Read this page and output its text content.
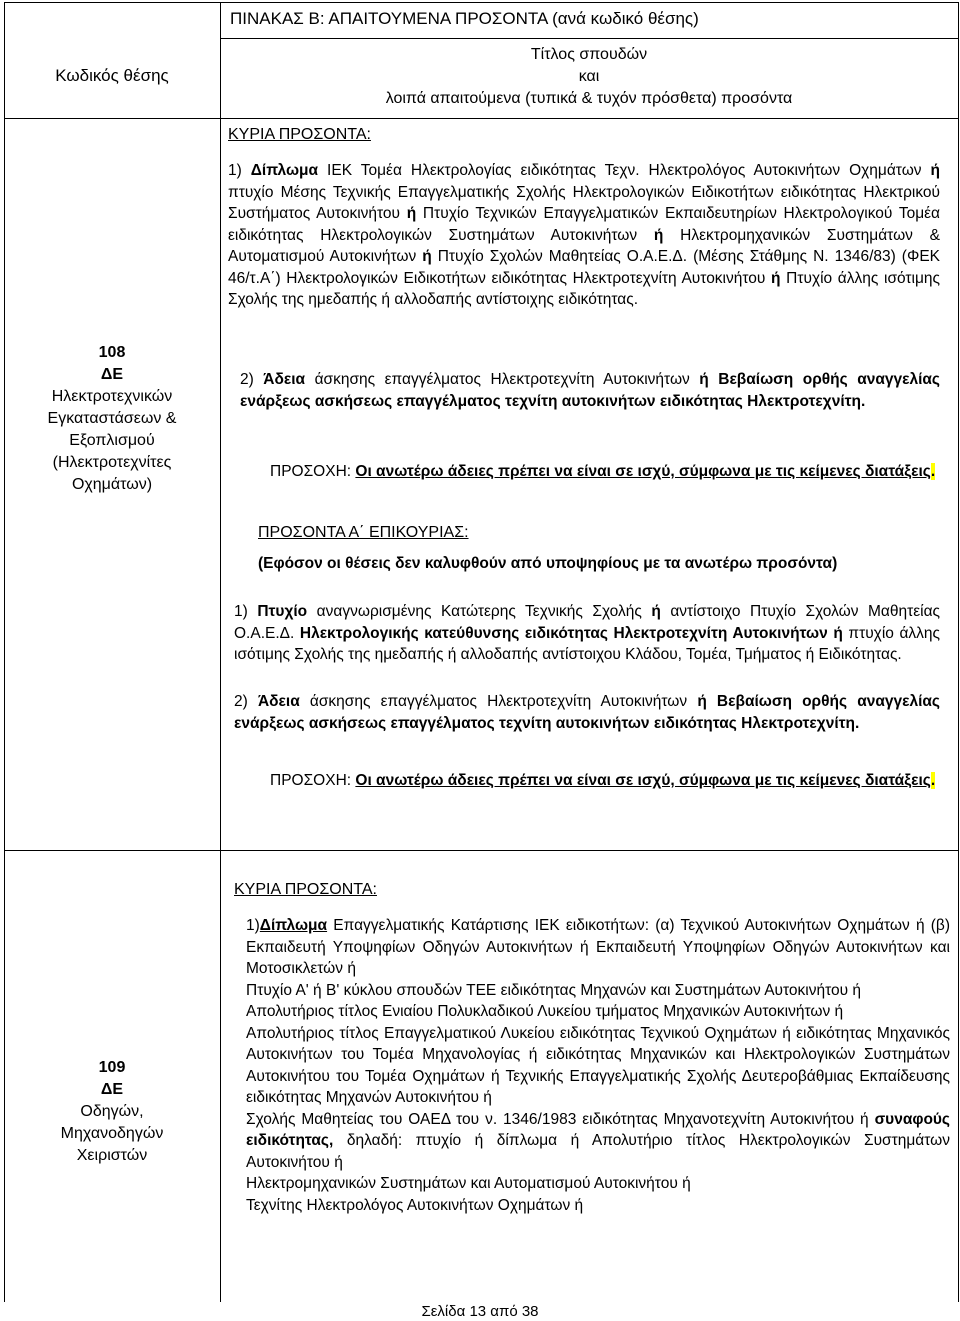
ΠΙΝΑΚΑΣ Β: ΑΠΑΙΤΟΥΜΕΝΑ ΠΡΟΣΟΝΤΑ (ανά κωδικό θέσης)
Κωδικός θέσης
Τίτλος σπουδών
και
λοιπά απαιτούμενα (τυπικά & τυχόν πρόσθετα) προσόντα
108
ΔΕ
Ηλεκτροτεχνικών
Εγκαταστάσεων &
Εξοπλισμού
(Ηλεκτροτεχνίτες
Οχημάτων)
ΚΥΡΙΑ ΠΡΟΣΟΝΤΑ:

1) Δίπλωμα ΙΕΚ Τομέα Ηλεκτρολογίας ειδικότητας Τεχν. Ηλεκτρολόγος Αυτοκινήτων Οχημάτων ή πτυχίο Μέσης Τεχνικής Επαγγελματικής Σχολής Ηλεκτρολογικών Ειδικοτήτων ειδικότητας Ηλεκτρικού Συστήματος Αυτοκινήτου ή Πτυχίο Τεχνικών Επαγγελματικών Εκπαιδευτηρίων Ηλεκτρολογικού Τομέα ειδικότητας Ηλεκτρολογικών Συστημάτων Αυτοκινήτων ή Ηλεκτρομηχανικών Συστημάτων & Αυτοματισμού Αυτοκινήτων ή Πτυχίο Σχολών Μαθητείας Ο.Α.Ε.Δ. (Μέσης Στάθμης Ν. 1346/83) (ΦΕΚ 46/τ.Α΄) Ηλεκτρολογικών Ειδικοτήτων ειδικότητας Ηλεκτροτεχνίτη Αυτοκινήτου ή Πτυχίο άλλης ισότιμης Σχολής της ημεδαπής ή αλλοδαπής αντίστοιχης ειδικότητας.

2) Άδεια άσκησης επαγγέλματος Ηλεκτροτεχνίτη Αυτοκινήτων ή Βεβαίωση ορθής αναγγελίας ενάρξεως ασκήσεως επαγγέλματος τεχνίτη αυτοκινήτων ειδικότητας Ηλεκτροτεχνίτη.

ΠΡΟΣΟΧΗ: Οι ανωτέρω άδειες πρέπει να είναι σε ισχύ, σύμφωνα με τις κείμενες διατάξεις.

ΠΡΟΣΟΝΤΑ Α΄ ΕΠΙΚΟΥΡΙΑΣ:

(Εφόσον οι θέσεις δεν καλυφθούν από υποψηφίους με τα ανωτέρω προσόντα)

1) Πτυχίο αναγνωρισμένης Κατώτερης Τεχνικής Σχολής ή αντίστοιχο Πτυχίο Σχολών Μαθητείας Ο.Α.Ε.Δ. Ηλεκτρολογικής κατεύθυνσης ειδικότητας Ηλεκτροτεχνίτη Αυτοκινήτων ή πτυχίο άλλης ισότιμης Σχολής της ημεδαπής ή αλλοδαπής αντίστοιχου Κλάδου, Τομέα, Τμήματος ή Ειδικότητας.

2) Άδεια άσκησης επαγγέλματος Ηλεκτροτεχνίτη Αυτοκινήτων ή Βεβαίωση ορθής αναγγελίας ενάρξεως ασκήσεως επαγγέλματος τεχνίτη αυτοκινήτων ειδικότητας Ηλεκτροτεχνίτη.

ΠΡΟΣΟΧΗ: Οι ανωτέρω άδειες πρέπει να είναι σε ισχύ, σύμφωνα με τις κείμενες διατάξεις.

109
ΔΕ
Οδηγών,
Μηχανοδηγών
Χειριστών
ΚΥΡΙΑ ΠΡΟΣΟΝΤΑ:

1)Δίπλωμα Επαγγελματικής Κατάρτισης ΙΕΚ ειδικοτήτων: (α) Τεχνικού Αυτοκινήτων Οχημάτων ή (β) Εκπαιδευτή Υποψηφίων Οδηγών Αυτοκινήτων ή Εκπαιδευτή Υποψηφίων Οδηγών Αυτοκινήτων και Μοτοσικλετών ή

Πτυχίο Α' ή Β' κύκλου σπουδών ΤΕΕ ειδικότητας Μηχανών και Συστημάτων Αυτοκινήτου ή

Απολυτήριος τίτλος Ενιαίου Πολυκλαδικού Λυκείου τμήματος Μηχανικών Αυτοκινήτων ή

Απολυτήριος τίτλος Επαγγελματικού Λυκείου ειδικότητας Τεχνικού Οχημάτων ή ειδικότητας Μηχανικός Αυτοκινήτων του Τομέα Μηχανολογίας ή ειδικότητας Μηχανικών και Ηλεκτρολογικών Συστημάτων Αυτοκινήτου του Τομέα Οχημάτων ή Τεχνικής Επαγγελματικής Σχολής Δευτεροβάθμιας Εκπαίδευσης ειδικότητας Μηχανών Αυτοκινήτου ή

Σχολής Μαθητείας του ΟΑΕΔ του ν. 1346/1983 ειδικότητας Μηχανοτεχνίτη Αυτοκινήτου ή συναφούς ειδικότητας, δηλαδή: πτυχίο ή δίπλωμα ή Απολυτήριο τίτλος Ηλεκτρολογικών Συστημάτων Αυτοκινήτου ή

Ηλεκτρομηχανικών Συστημάτων και Αυτοματισμού Αυτοκινήτου ή

Τεχνίτης Ηλεκτρολόγος Αυτοκινήτων Οχημάτων ή

Σελίδα 13 από 38
